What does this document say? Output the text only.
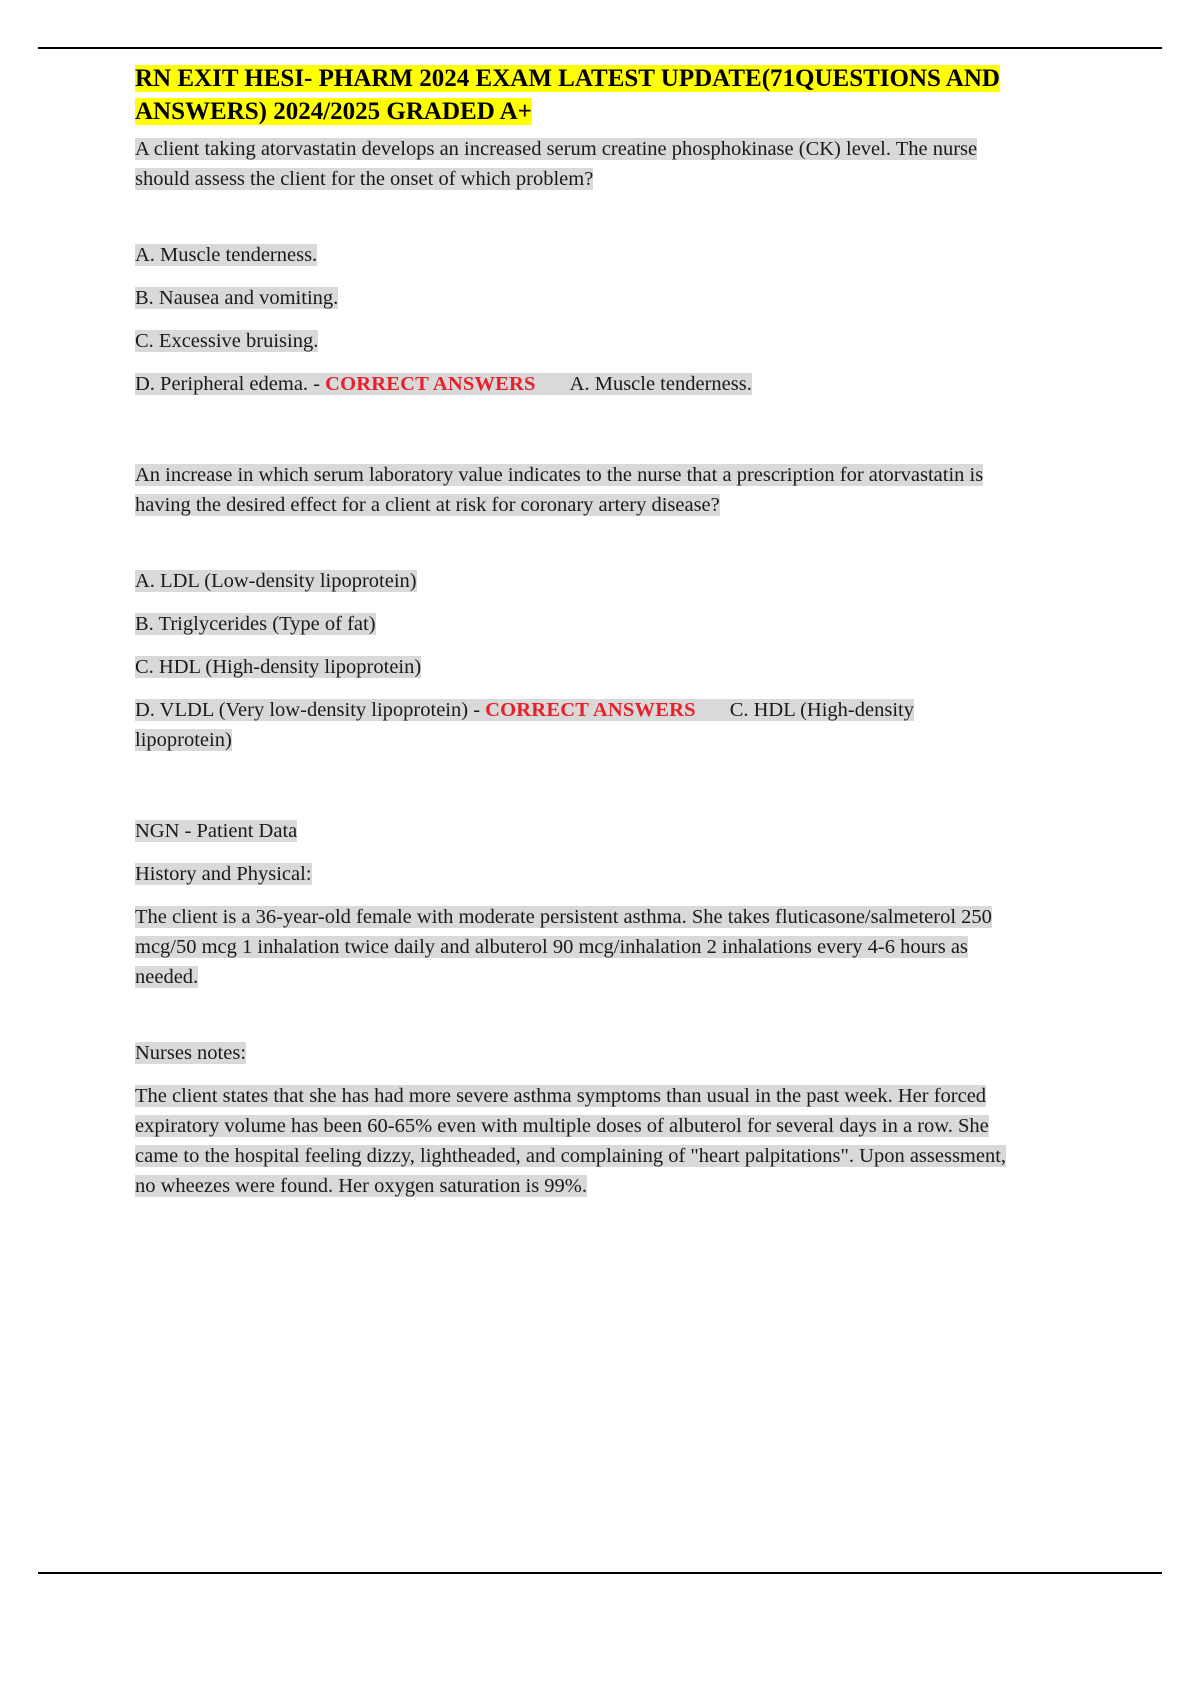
RN EXIT HESI- PHARM 2024 EXAM LATEST UPDATE(71QUESTIONS AND ANSWERS) 2024/2025 GRADED A+

A client taking atorvastatin develops an increased serum creatine phosphokinase (CK) level. The nurse should assess the client for the onset of which problem?

A. Muscle tenderness.

B. Nausea and vomiting.

C. Excessive bruising.

D. Peripheral edema. - CORRECT ANSWERS A. Muscle tenderness.

An increase in which serum laboratory value indicates to the nurse that a prescription for atorvastatin is having the desired effect for a client at risk for coronary artery disease?

A. LDL (Low-density lipoprotein)

B. Triglycerides (Type of fat)

C. HDL (High-density lipoprotein)

D. VLDL (Very low-density lipoprotein) - CORRECT ANSWERS C. HDL (High-density lipoprotein)

NGN - Patient Data

History and Physical:

The client is a 36-year-old female with moderate persistent asthma. She takes fluticasone/salmeterol 250 mcg/50 mcg 1 inhalation twice daily and albuterol 90 mcg/inhalation 2 inhalations every 4-6 hours as needed.

Nurses notes:

The client states that she has had more severe asthma symptoms than usual in the past week. Her forced expiratory volume has been 60-65% even with multiple doses of albuterol for several days in a row. She came to the hospital feeling dizzy, lightheaded, and complaining of "heart palpitations". Upon assessment, no wheezes were found. Her oxygen saturation is 99%.
